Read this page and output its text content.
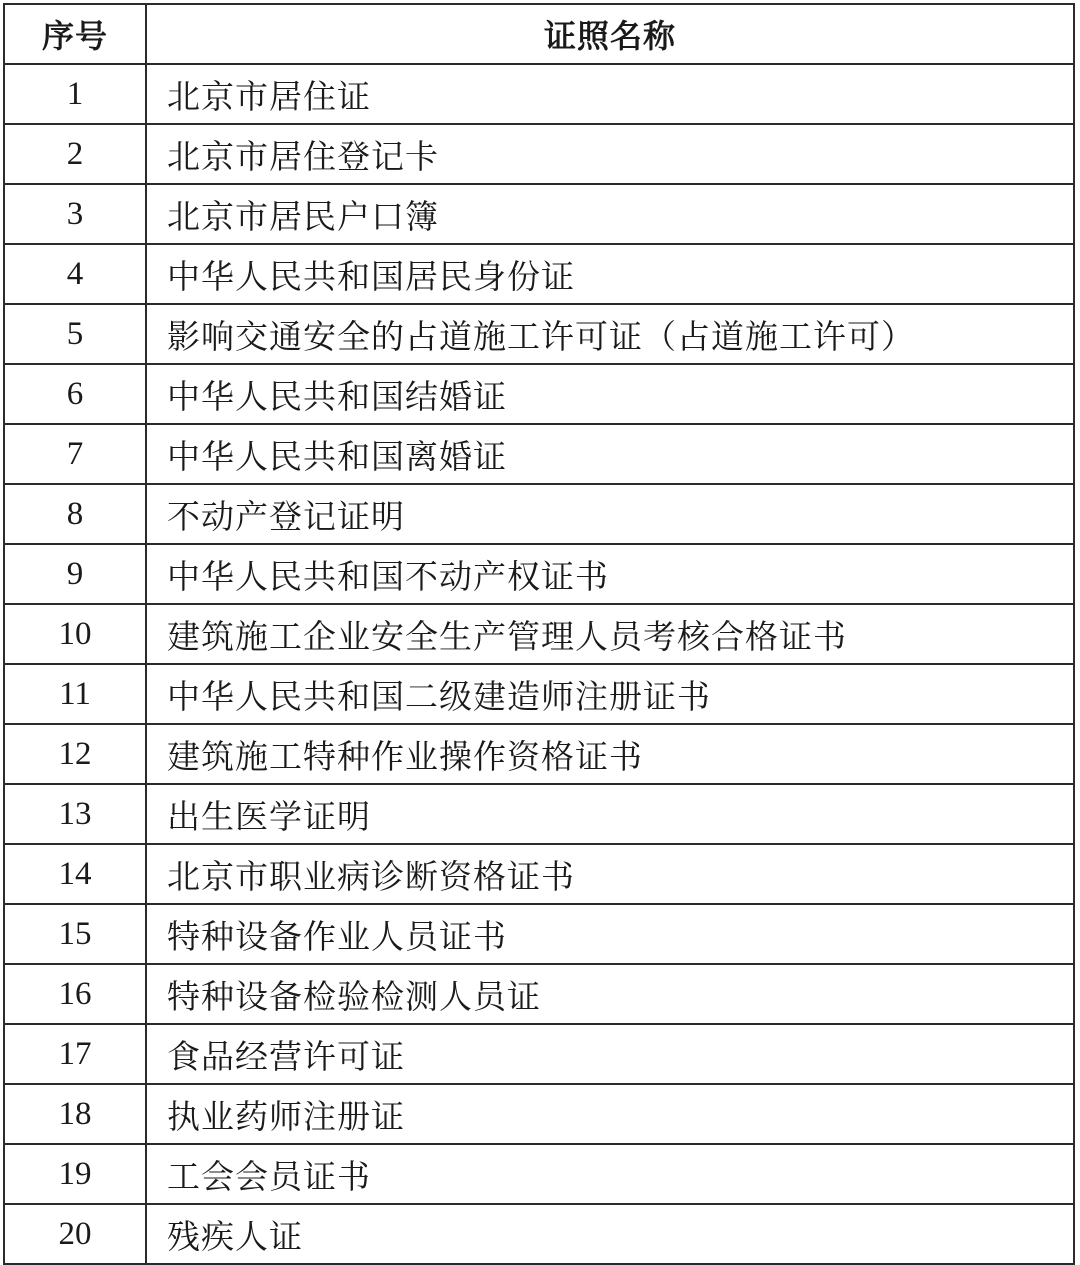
序号	证照名称
1	北京市居住证
2	北京市居住登记卡
3	北京市居民户口簿
4	中华人民共和国居民身份证
5	影响交通安全的占道施工许可证（占道施工许可）
6	中华人民共和国结婚证
7	中华人民共和国离婚证
8	不动产登记证明
9	中华人民共和国不动产权证书
10	建筑施工企业安全生产管理人员考核合格证书
11	中华人民共和国二级建造师注册证书
12	建筑施工特种作业操作资格证书
13	出生医学证明
14	北京市职业病诊断资格证书
15	特种设备作业人员证书
16	特种设备检验检测人员证
17	食品经营许可证
18	执业药师注册证
19	工会会员证书
20	残疾人证
